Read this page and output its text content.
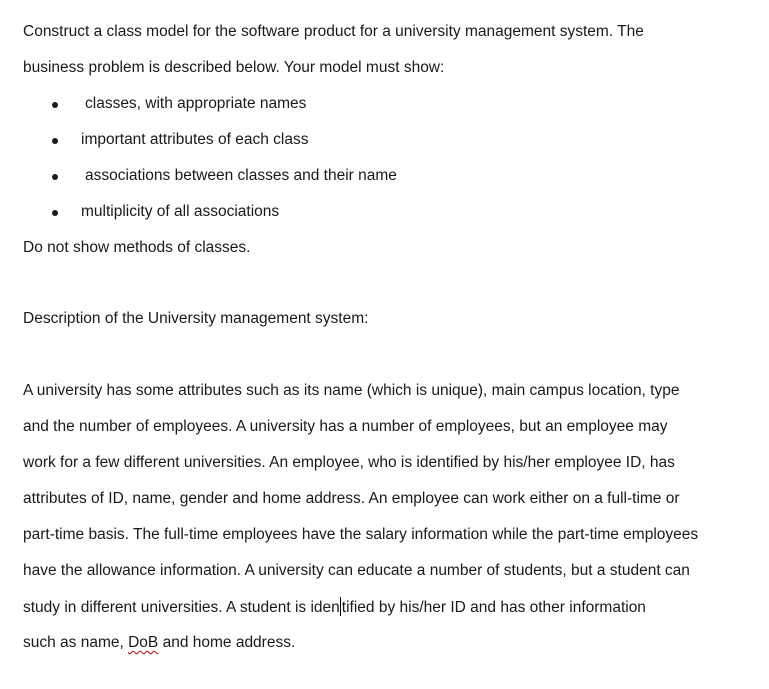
Construct a class model for the software product for a university management system. The
business problem is described below. Your model must show:
classes, with appropriate names
important attributes of each class
associations between classes and their name
multiplicity of all associations
Do not show methods of classes.
Description of the University management system:
A university has some attributes such as its name (which is unique), main campus location, type
and the number of employees. A university has a number of employees, but an employee may
work for a few different universities. An employee, who is identified by his/her employee ID, has
attributes of ID, name, gender and home address. An employee can work either on a full-time or
part-time basis. The full-time employees have the salary information while the part-time employees
have the allowance information. A university can educate a number of students, but a student can
study in different universities. A student is iden tified by his/her ID and has other information
such as name, DoB and home address.
